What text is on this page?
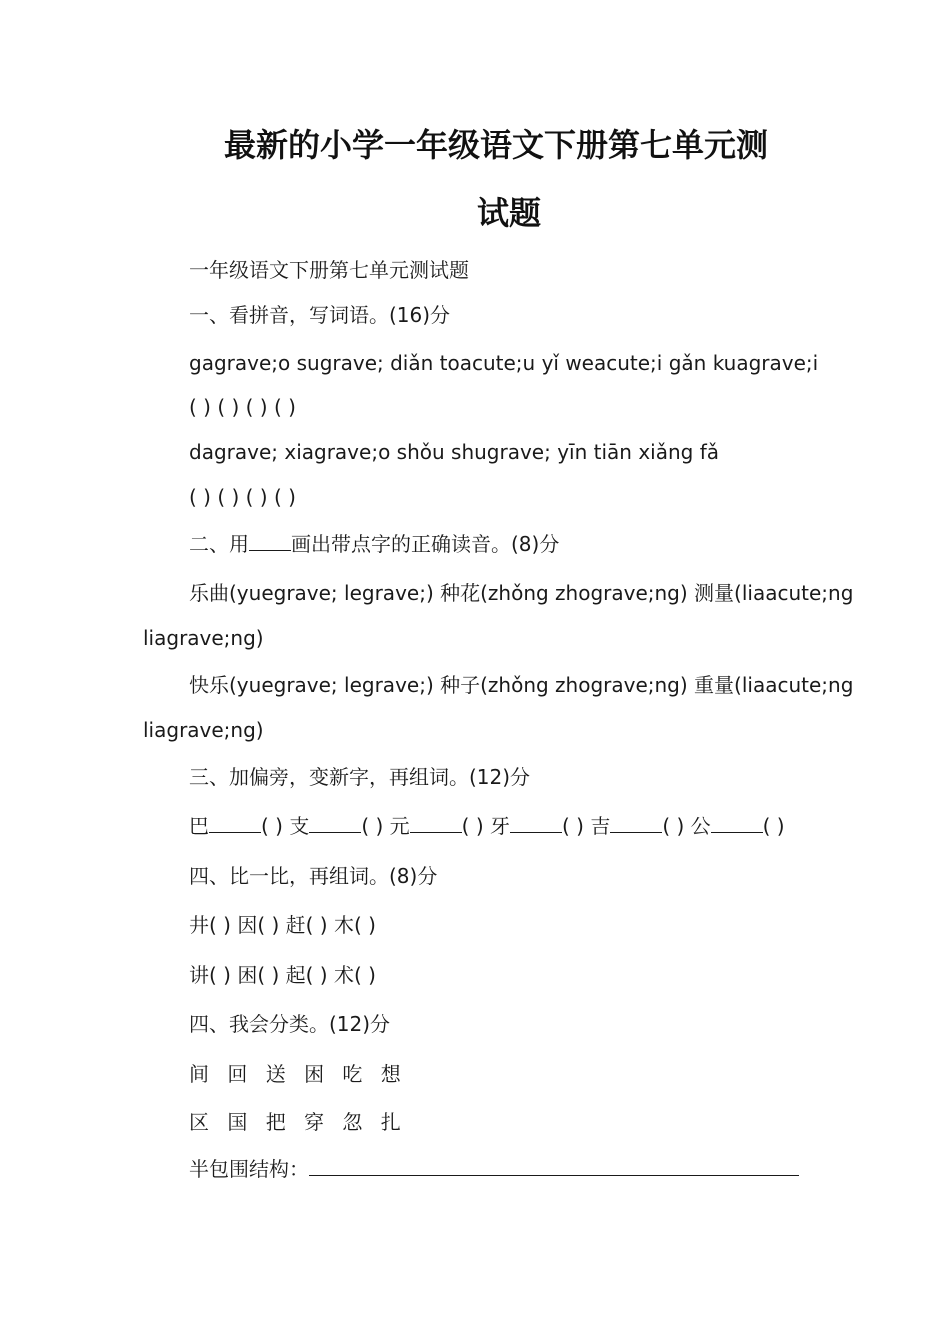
最新的小学一年级语文下册第七单元测
试题
一年级语文下册第七单元测试题
一、看拼音，写词语。(16)分
gagrave;o sugrave; diǎn toacute;u yǐ weacute;i gǎn kuagrave;i
( ) ( ) ( ) ( )
dagrave; xiagrave;o shǒu shugrave; yīn tiān xiǎng fǎ
( ) ( ) ( ) ( )
二、用 画出带点字的正确读音。(8)分
乐曲(yuegrave; legrave;) 种花(zhǒng zhograve;ng) 测量(liaacute;ng
liagrave;ng)
快乐(yuegrave; legrave;) 种子(zhǒng zhograve;ng) 重量(liaacute;ng
liagrave;ng)
三、加偏旁，变新字，再组词。(12)分
巴	( ) 支	( ) 元	( ) 牙	( ) 吉	( ) 公	( )
四、比一比，再组词。(8)分
井( ) 因( ) 赶( ) 木( )
讲( ) 困( ) 起( ) 术( )
四、我会分类。(12)分
间 回 送 困 吃 想
区 国 把 穿 忽 扎
半包围结构：
